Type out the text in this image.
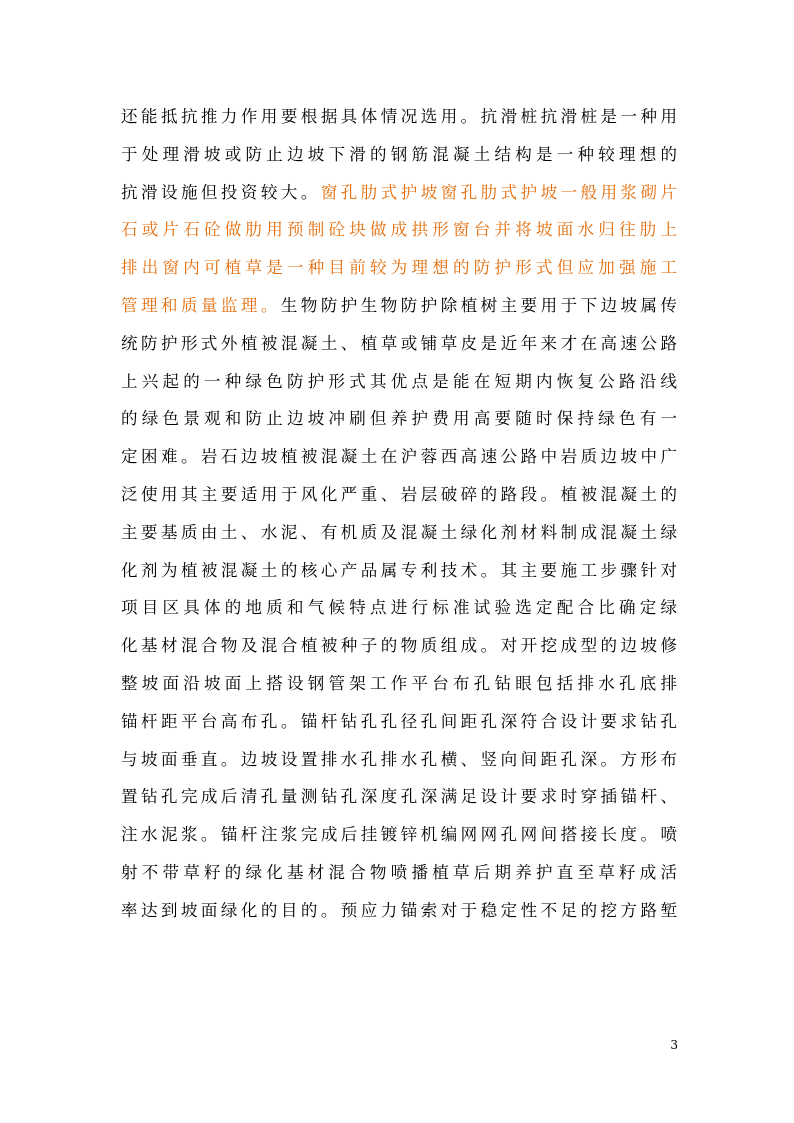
还能抵抗推力作用要根据具体情况选用。抗滑桩抗滑桩是一种用
于处理滑坡或防止边坡下滑的钢筋混凝土结构是一种较理想的
抗滑设施但投资较大。窗孔肋式护坡窗孔肋式护坡一般用浆砌片
石或片石砼做肋用预制砼块做成拱形窗台并将坡面水归往肋上
排出窗内可植草是一种目前较为理想的防护形式但应加强施工
管理和质量监理。生物防护生物防护除植树主要用于下边坡属传
统防护形式外植被混凝土、植草或铺草皮是近年来才在高速公路
上兴起的一种绿色防护形式其优点是能在短期内恢复公路沿线
的绿色景观和防止边坡冲刷但养护费用高要随时保持绿色有一
定困难。岩石边坡植被混凝土在沪蓉西高速公路中岩质边坡中广
泛使用其主要适用于风化严重、岩层破碎的路段。植被混凝土的
主要基质由土、水泥、有机质及混凝土绿化剂材料制成混凝土绿
化剂为植被混凝土的核心产品属专利技术。其主要施工步骤针对
项目区具体的地质和气候特点进行标准试验选定配合比确定绿
化基材混合物及混合植被种子的物质组成。对开挖成型的边坡修
整坡面沿坡面上搭设钢管架工作平台布孔钻眼包括排水孔底排
锚杆距平台高布孔。锚杆钻孔孔径孔间距孔深符合设计要求钻孔
与坡面垂直。边坡设置排水孔排水孔横、竖向间距孔深。方形布
置钻孔完成后清孔量测钻孔深度孔深满足设计要求时穿插锚杆、
注水泥浆。锚杆注浆完成后挂镀锌机编网网孔网间搭接长度。喷
射不带草籽的绿化基材混合物喷播植草后期养护直至草籽成活
率达到坡面绿化的目的。预应力锚索对于稳定性不足的挖方路堑
3
